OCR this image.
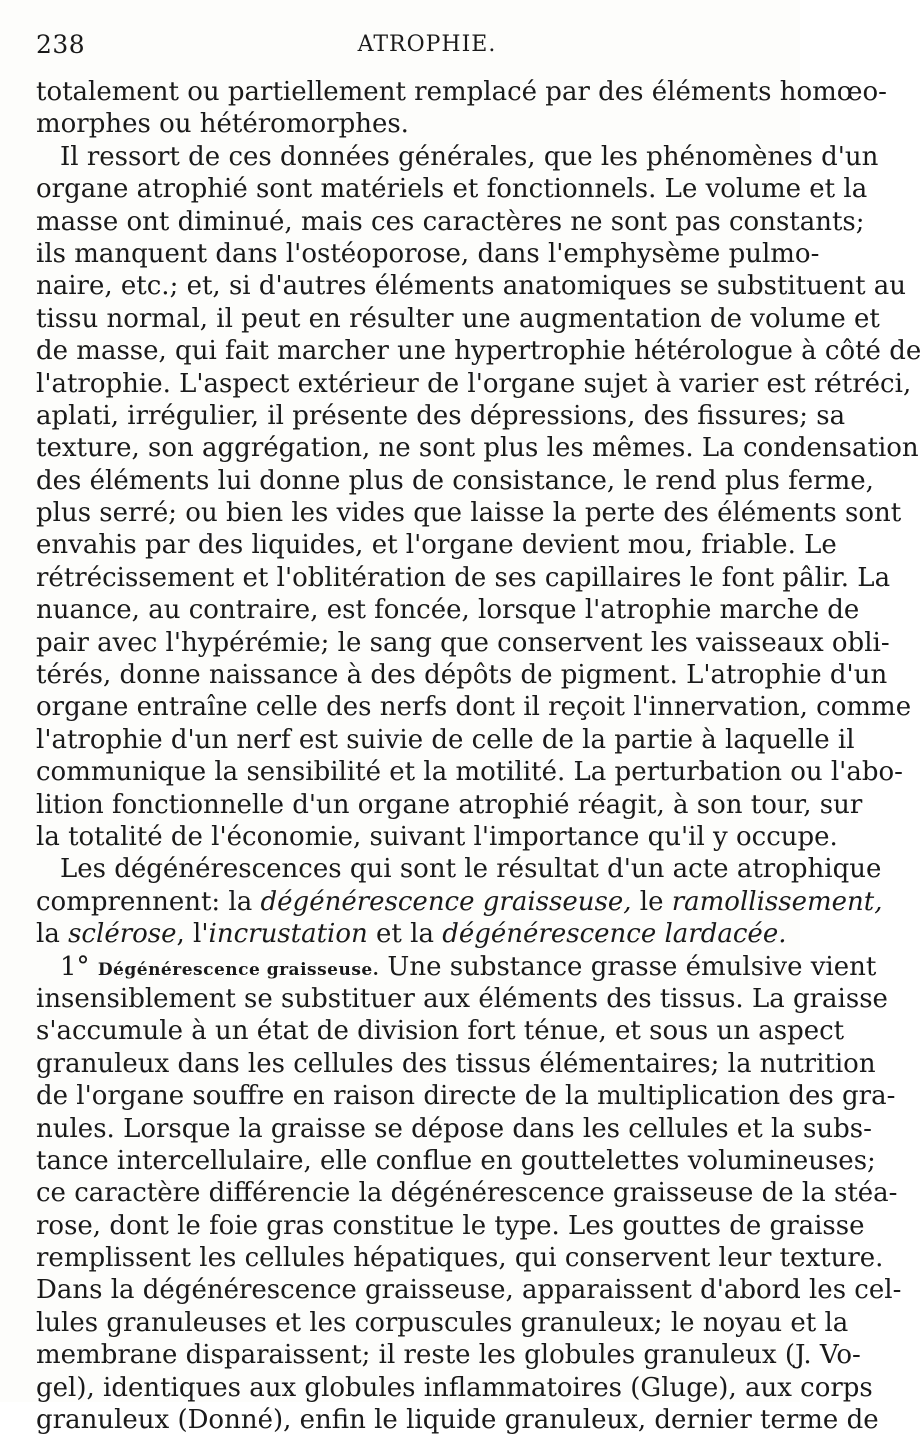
238	ATROPHIE.
totalement ou partiellement remplacé par des éléments homœo-
morphes ou hétéromorphes.
Il ressort de ces données générales, que les phénomènes d'un
organe atrophié sont matériels et fonctionnels. Le volume et la
masse ont diminué, mais ces caractères ne sont pas constants;
ils manquent dans l'ostéoporose, dans l'emphysème pulmo-
naire, etc.; et, si d'autres éléments anatomiques se substituent au
tissu normal, il peut en résulter une augmentation de volume et
de masse, qui fait marcher une hypertrophie hétérologue à côté de
l'atrophie. L'aspect extérieur de l'organe sujet à varier est rétréci,
aplati, irrégulier, il présente des dépressions, des fissures; sa
texture, son aggrégation, ne sont plus les mêmes. La condensation
des éléments lui donne plus de consistance, le rend plus ferme,
plus serré; ou bien les vides que laisse la perte des éléments sont
envahis par des liquides, et l'organe devient mou, friable. Le
rétrécissement et l'oblitération de ses capillaires le font pâlir. La
nuance, au contraire, est foncée, lorsque l'atrophie marche de
pair avec l'hypérémie; le sang que conservent les vaisseaux obli-
térés, donne naissance à des dépôts de pigment. L'atrophie d'un
organe entraîne celle des nerfs dont il reçoit l'innervation, comme
l'atrophie d'un nerf est suivie de celle de la partie à laquelle il
communique la sensibilité et la motilité. La perturbation ou l'abo-
lition fonctionnelle d'un organe atrophié réagit, à son tour, sur
la totalité de l'économie, suivant l'importance qu'il y occupe.
Les dégénérescences qui sont le résultat d'un acte atrophique
comprennent: la dégénérescence graisseuse, le ramollissement,
la sclérose, l'incrustation et la dégénérescence lardacée.
1° Dégénérescence graisseuse. Une substance grasse émulsive vient
insensiblement se substituer aux éléments des tissus. La graisse
s'accumule à un état de division fort ténue, et sous un aspect
granuleux dans les cellules des tissus élémentaires; la nutrition
de l'organe souffre en raison directe de la multiplication des gra-
nules. Lorsque la graisse se dépose dans les cellules et la subs-
tance intercellulaire, elle conflue en gouttelettes volumineuses;
ce caractère différencie la dégénérescence graisseuse de la stéa-
rose, dont le foie gras constitue le type. Les gouttes de graisse
remplissent les cellules hépatiques, qui conservent leur texture.
Dans la dégénérescence graisseuse, apparaissent d'abord les cel-
lules granuleuses et les corpuscules granuleux; le noyau et la
membrane disparaissent; il reste les globules granuleux (J. Vo-
gel), identiques aux globules inflammatoires (Gluge), aux corps
granuleux (Donné), enfin le liquide granuleux, dernier terme de
